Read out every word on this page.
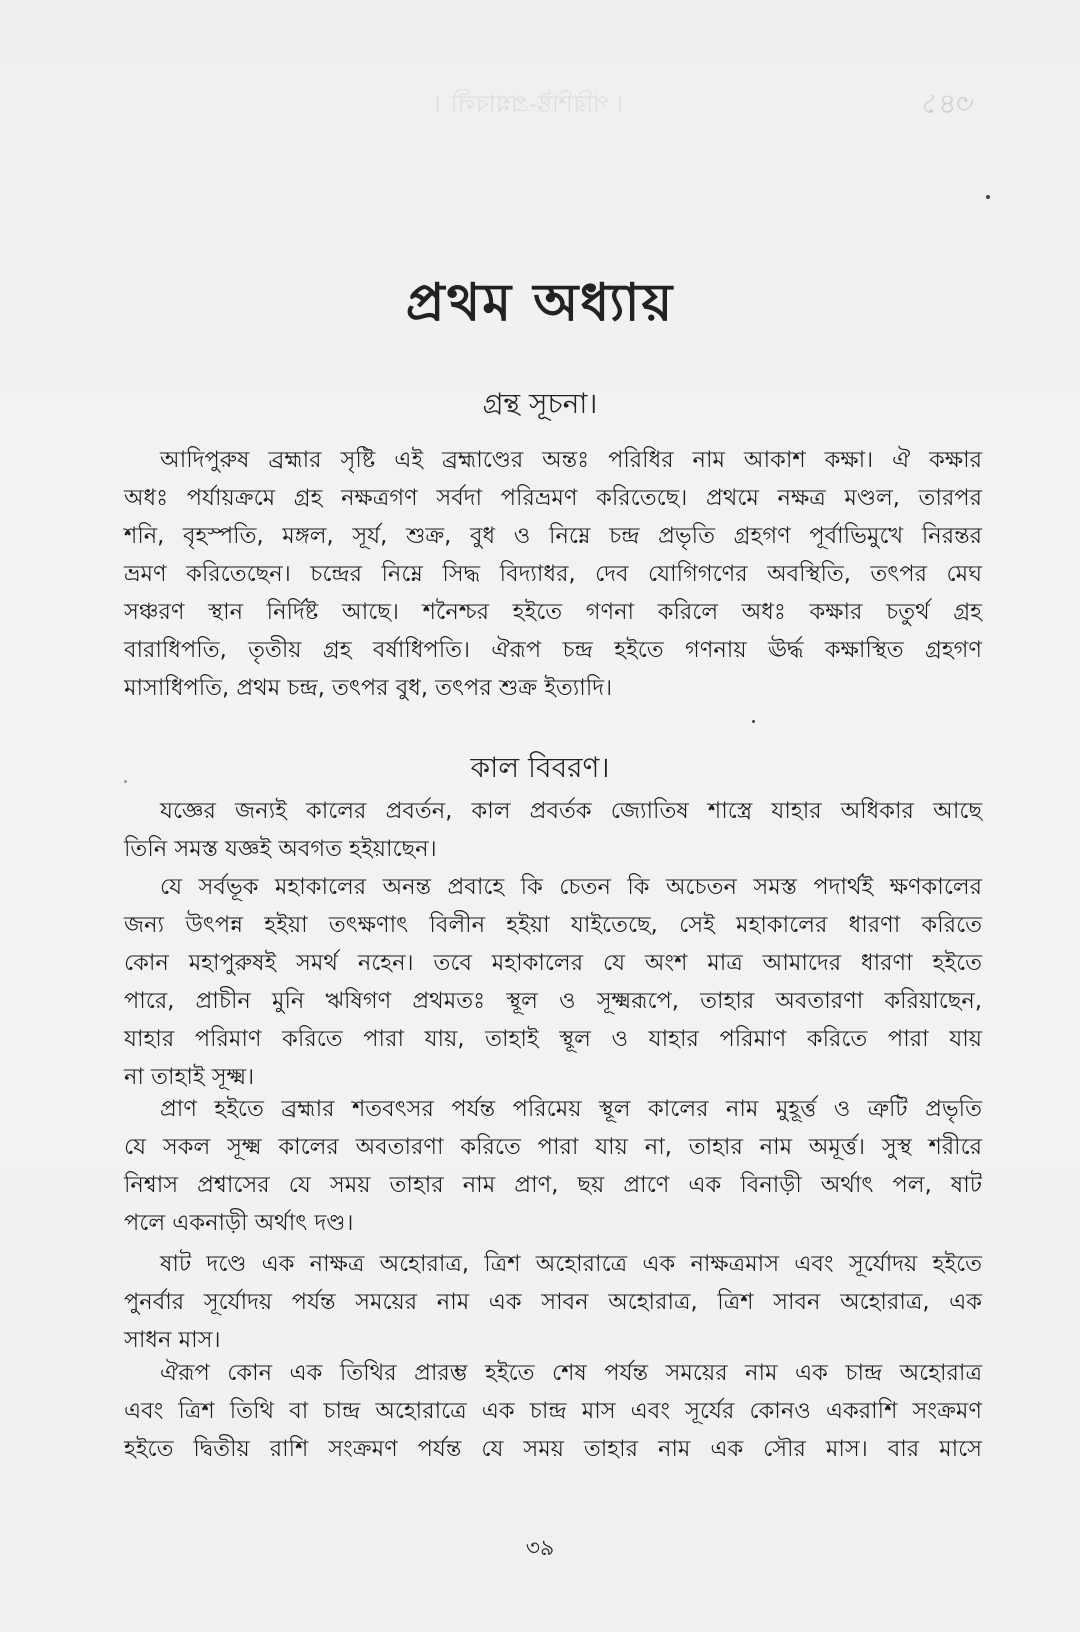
। পরিশিষ্ট-প্রশ্নাবলী ।	৩৪১
প্রথম অধ্যায়
গ্রন্থ সূচনা।
আদিপুরুষ ব্রহ্মার সৃষ্টি এই ব্রহ্মাণ্ডের অন্তঃ পরিধির নাম আকাশ কক্ষা। ঐ কক্ষার
অধঃ পর্যায়ক্রমে গ্রহ নক্ষত্রগণ সর্বদা পরিভ্রমণ করিতেছে। প্রথমে নক্ষত্র মণ্ডল, তারপর
শনি, বৃহস্পতি, মঙ্গল, সূর্য, শুক্র, বুধ ও নিম্নে চন্দ্র প্রভৃতি গ্রহগণ পূর্বাভিমুখে নিরন্তর
ভ্রমণ করিতেছেন। চন্দ্রের নিম্নে সিদ্ধ বিদ্যাধর, দেব যোগিগণের অবস্থিতি, তৎপর মেঘ
সঞ্চরণ স্থান নির্দিষ্ট আছে। শনৈশ্চর হইতে গণনা করিলে অধঃ কক্ষার চতুর্থ গ্রহ
বারাধিপতি, তৃতীয় গ্রহ বর্ষাধিপতি। ঐরূপ চন্দ্র হইতে গণনায় ঊর্দ্ধ কক্ষাস্থিত গ্রহগণ
মাসাধিপতি, প্রথম চন্দ্র, তৎপর বুধ, তৎপর শুক্র ইত্যাদি।
কাল বিবরণ।
যজ্ঞের জন্যই কালের প্রবর্তন, কাল প্রবর্তক জ্যোতিষ শাস্ত্রে যাহার অধিকার আছে
তিনি সমস্ত যজ্ঞই অবগত হইয়াছেন।
যে সর্বভূক মহাকালের অনন্ত প্রবাহে কি চেতন কি অচেতন সমস্ত পদার্থই ক্ষণকালের
জন্য উৎপন্ন হইয়া তৎক্ষণাৎ বিলীন হইয়া যাইতেছে, সেই মহাকালের ধারণা করিতে
কোন মহাপুরুষই সমর্থ নহেন। তবে মহাকালের যে অংশ মাত্র আমাদের ধারণা হইতে
পারে, প্রাচীন মুনি ঋষিগণ প্রথমতঃ স্থূল ও সূক্ষ্মরূপে, তাহার অবতারণা করিয়াছেন,
যাহার পরিমাণ করিতে পারা যায়, তাহাই স্থূল ও যাহার পরিমাণ করিতে পারা যায়
না তাহাই সূক্ষ্ম।
প্রাণ হইতে ব্রহ্মার শতবৎসর পর্যন্ত পরিমেয় স্থূল কালের নাম মুহূর্ত্ত ও ত্রুটি প্রভৃতি
যে সকল সূক্ষ্ম কালের অবতারণা করিতে পারা যায় না, তাহার নাম অমূর্ত্ত। সুস্থ শরীরে
নিশ্বাস প্রশ্বাসের যে সময় তাহার নাম প্রাণ, ছয় প্রাণে এক বিনাড়ী অর্থাৎ পল, ষাট
পলে একনাড়ী অর্থাৎ দণ্ড।
ষাট দণ্ডে এক নাক্ষত্র অহোরাত্র, ত্রিশ অহোরাত্রে এক নাক্ষত্রমাস এবং সূর্যোদয় হইতে
পুনর্বার সূর্যোদয় পর্যন্ত সময়ের নাম এক সাবন অহোরাত্র, ত্রিশ সাবন অহোরাত্র, এক
সাধন মাস।
ঐরূপ কোন এক তিথির প্রারম্ভ হইতে শেষ পর্যন্ত সময়ের নাম এক চান্দ্র অহোরাত্র
এবং ত্রিশ তিথি বা চান্দ্র অহোরাত্রে এক চান্দ্র মাস এবং সূর্যের কোনও একরাশি সংক্রমণ
হইতে দ্বিতীয় রাশি সংক্রমণ পর্যন্ত যে সময় তাহার নাম এক সৌর মাস। বার মাসে
৩৯
